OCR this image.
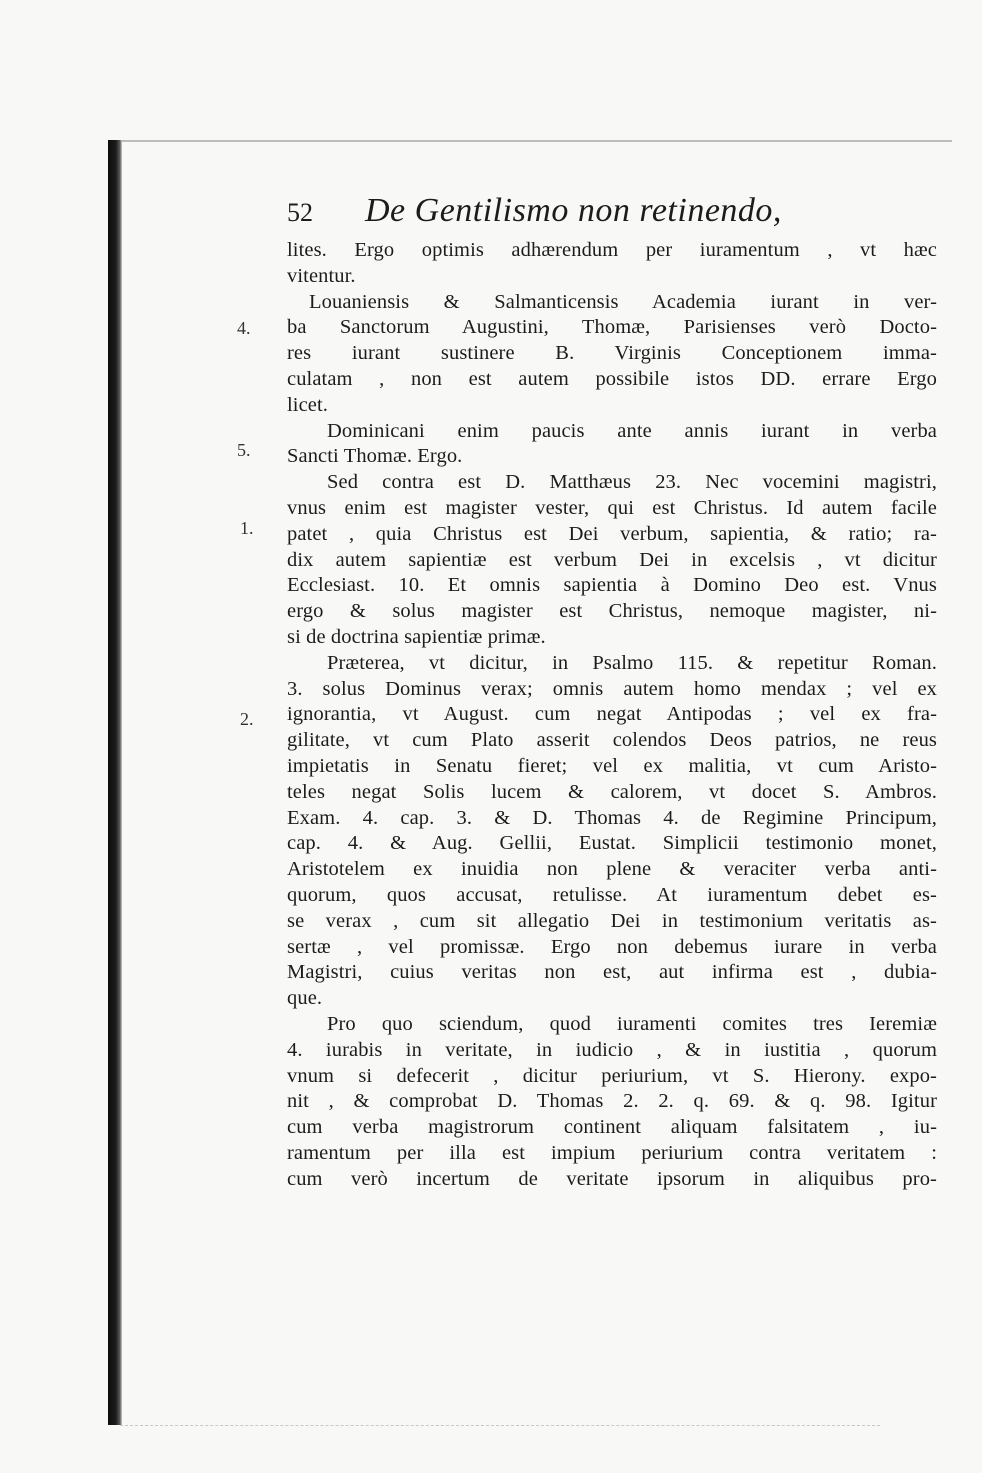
52 De Gentilismo non retinendo,
4.
5.
1.
2.
lites. Ergo optimis adhærendum per iuramentum , vt hæc
vitentur.
Louaniensis & Salmanticensis Academia iurant in ver-
ba Sanctorum Augustini, Thomæ, Parisienses verò Docto-
res iurant sustinere B. Virginis Conceptionem imma-
culatam , non est autem possibile istos DD. errare Ergo
licet.
Dominicani enim paucis ante annis iurant in verba
Sancti Thomæ. Ergo.
Sed contra est D. Matthæus 23. Nec vocemini magistri,
vnus enim est magister vester, qui est Christus. Id autem facile
patet , quia Christus est Dei verbum, sapientia, & ratio; ra-
dix autem sapientiæ est verbum Dei in excelsis , vt dicitur
Ecclesiast. 10. Et omnis sapientia à Domino Deo est. Vnus
ergo & solus magister est Christus, nemoque magister, ni-
si de doctrina sapientiæ primæ.
Præterea, vt dicitur, in Psalmo 115. & repetitur Roman.
3. solus Dominus verax; omnis autem homo mendax ; vel ex
ignorantia, vt August. cum negat Antipodas ; vel ex fra-
gilitate, vt cum Plato asserit colendos Deos patrios, ne reus
impietatis in Senatu fieret; vel ex malitia, vt cum Aristo-
teles negat Solis lucem & calorem, vt docet S. Ambros.
Exam. 4. cap. 3. & D. Thomas 4. de Regimine Principum,
cap. 4. & Aug. Gellii, Eustat. Simplicii testimonio monet,
Aristotelem ex inuidia non plene & veraciter verba anti-
quorum, quos accusat, retulisse. At iuramentum debet es-
se verax , cum sit allegatio Dei in testimonium veritatis as-
sertæ , vel promissæ. Ergo non debemus iurare in verba
Magistri, cuius veritas non est, aut infirma est , dubia-
que.
Pro quo sciendum, quod iuramenti comites tres Ieremiæ
4. iurabis in veritate, in iudicio , & in iustitia , quorum
vnum si defecerit , dicitur periurium, vt S. Hierony. expo-
nit , & comprobat D. Thomas 2. 2. q. 69. & q. 98. Igitur
cum verba magistrorum continent aliquam falsitatem , iu-
ramentum per illa est impium periurium contra veritatem :
cum verò incertum de veritate ipsorum in aliquibus pro-
